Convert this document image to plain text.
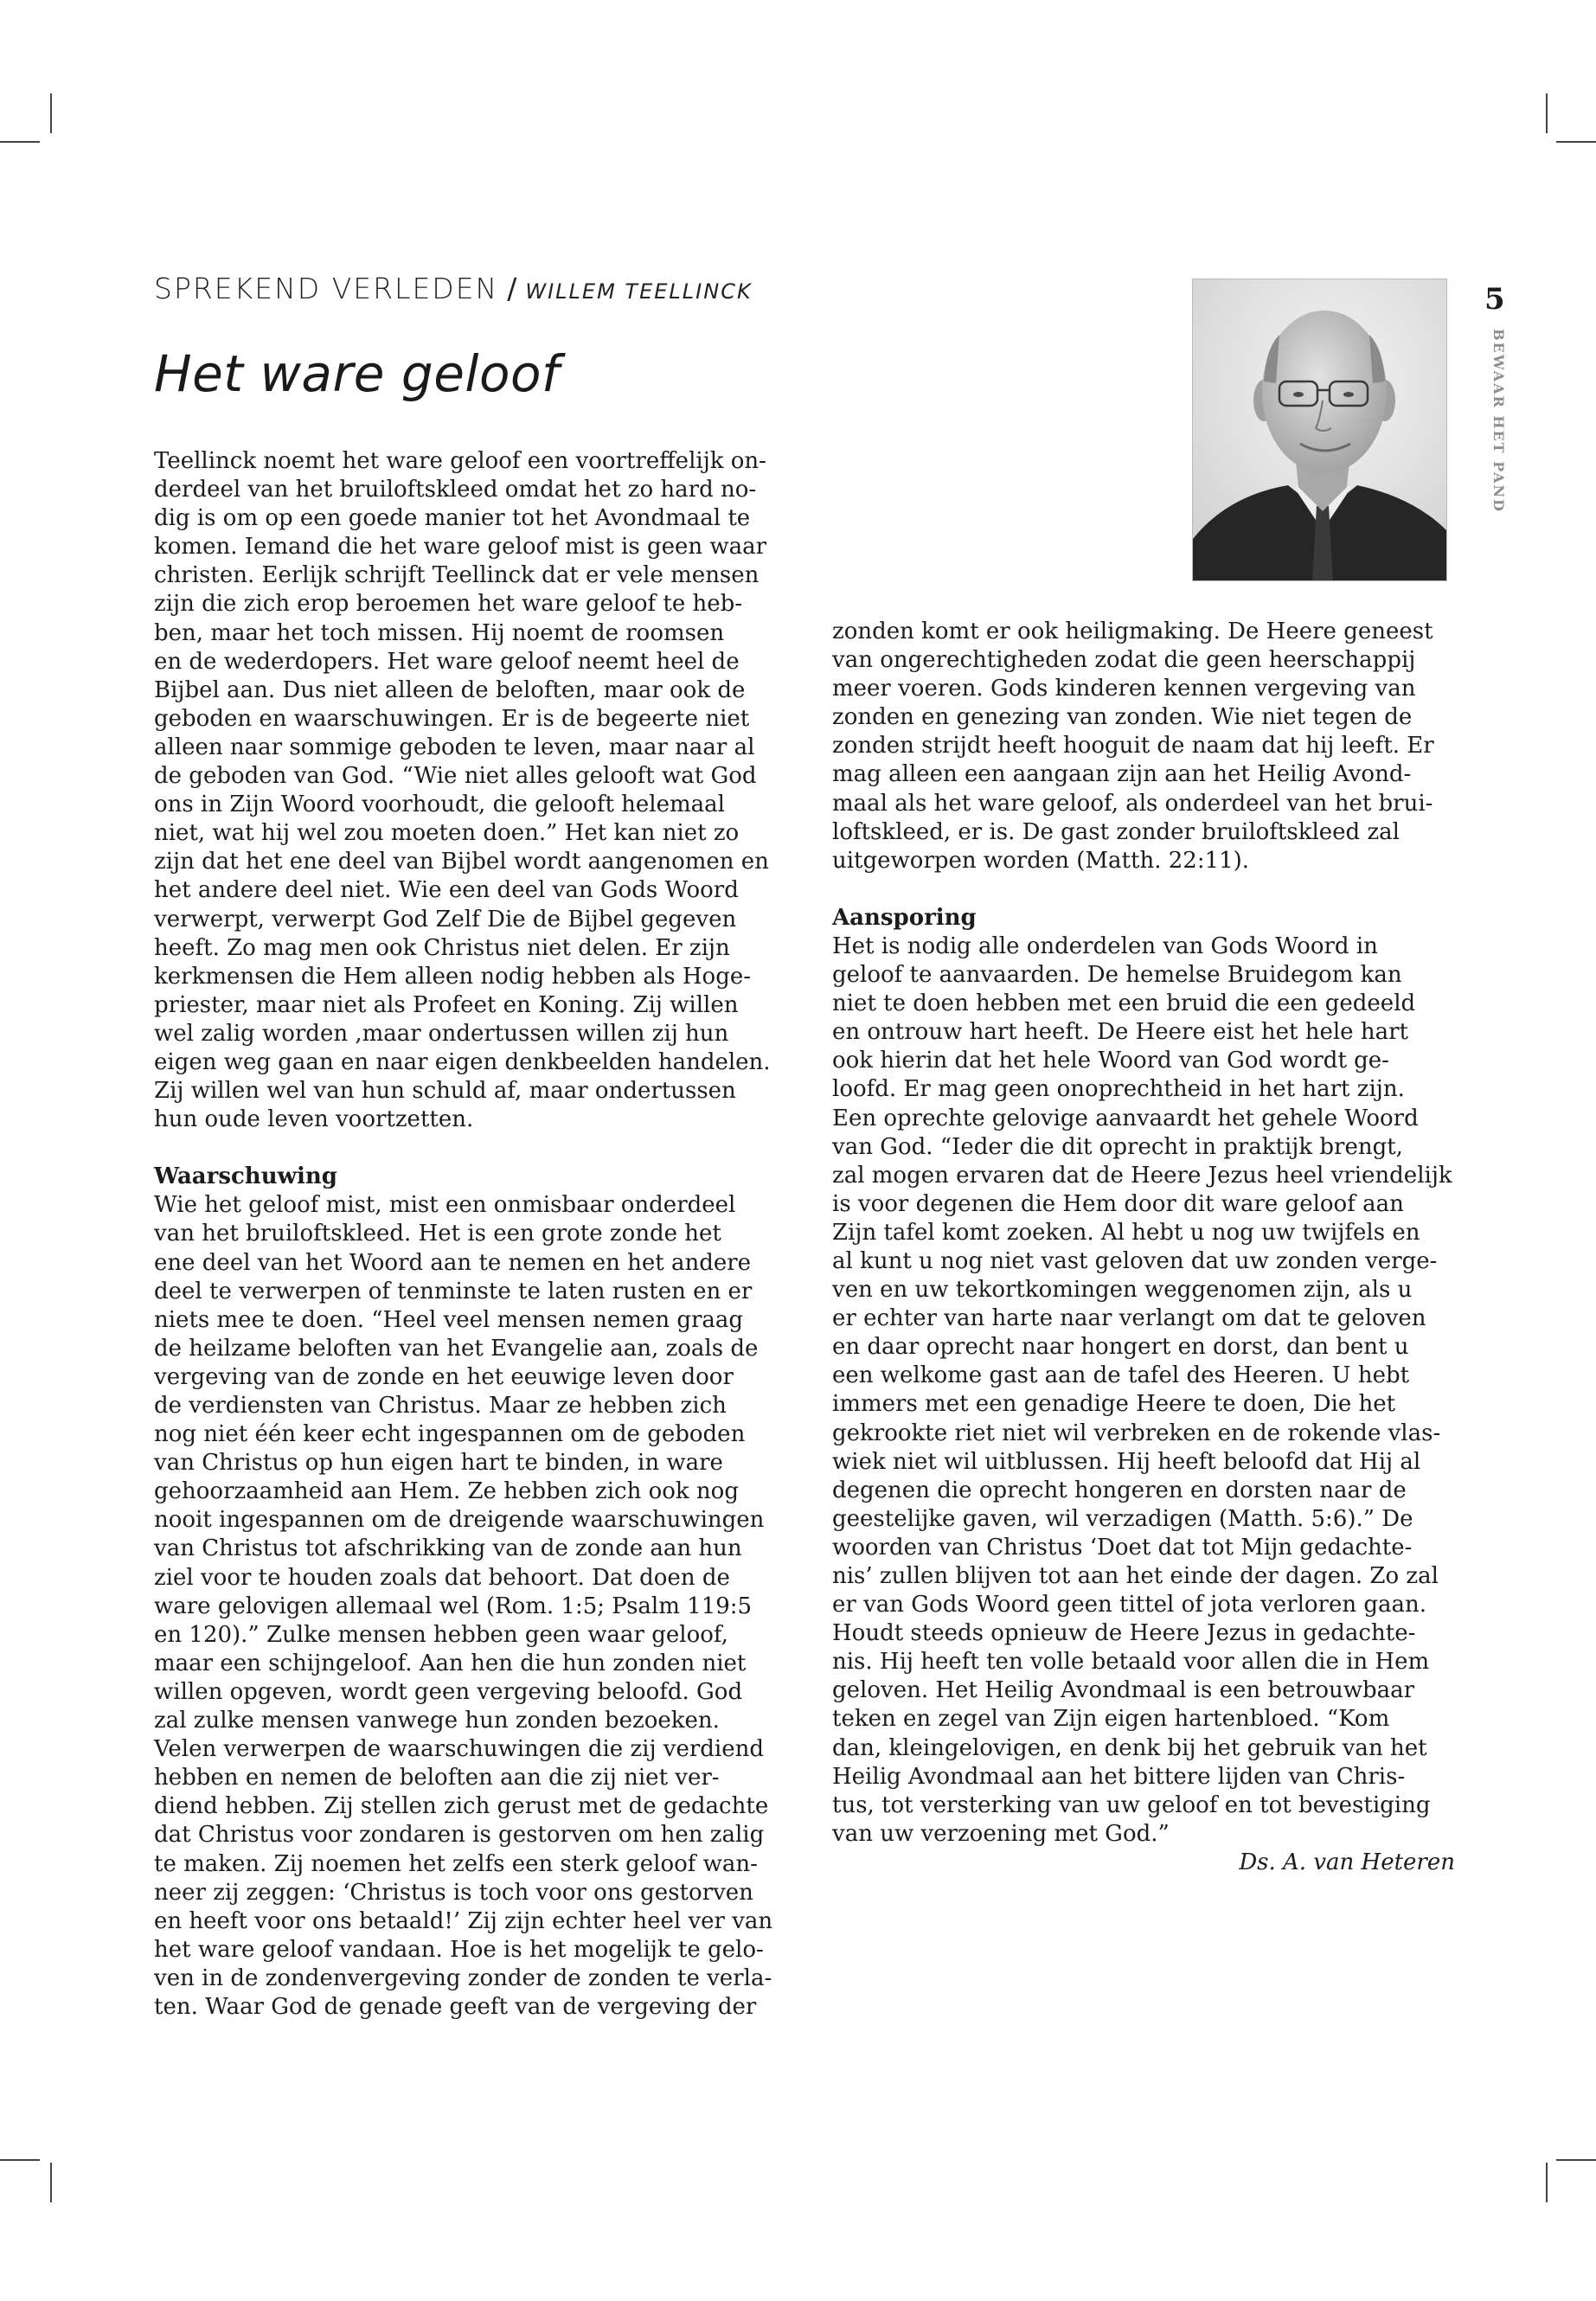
SPREKEND VERLEDEN / WILLEM TEELLINCK
Het ware geloof
5
BEWAAR HET PAND
Teellinck noemt het ware geloof een voortreffelijk on-
derdeel van het bruiloftskleed omdat het zo hard no-
dig is om op een goede manier tot het Avondmaal te
komen. Iemand die het ware geloof mist is geen waar
christen. Eerlijk schrijft Teellinck dat er vele mensen
zijn die zich erop beroemen het ware geloof te heb-
ben, maar het toch missen. Hij noemt de roomsen
en de wederdopers. Het ware geloof neemt heel de
Bijbel aan. Dus niet alleen de beloften, maar ook de
geboden en waarschuwingen. Er is de begeerte niet
alleen naar sommige geboden te leven, maar naar al
de geboden van God. “Wie niet alles gelooft wat God
ons in Zijn Woord voorhoudt, die gelooft helemaal
niet, wat hij wel zou moeten doen.” Het kan niet zo
zijn dat het ene deel van Bijbel wordt aangenomen en
het andere deel niet. Wie een deel van Gods Woord
verwerpt, verwerpt God Zelf Die de Bijbel gegeven
heeft. Zo mag men ook Christus niet delen. Er zijn
kerkmensen die Hem alleen nodig hebben als Hoge-
priester, maar niet als Profeet en Koning. Zij willen
wel zalig worden ,maar ondertussen willen zij hun
eigen weg gaan en naar eigen denkbeelden handelen.
Zij willen wel van hun schuld af, maar ondertussen
hun oude leven voortzetten.
Waarschuwing
Wie het geloof mist, mist een onmisbaar onderdeel
van het bruiloftskleed. Het is een grote zonde het
ene deel van het Woord aan te nemen en het andere
deel te verwerpen of tenminste te laten rusten en er
niets mee te doen. “Heel veel mensen nemen graag
de heilzame beloften van het Evangelie aan, zoals de
vergeving van de zonde en het eeuwige leven door
de verdiensten van Christus. Maar ze hebben zich
nog niet één keer echt ingespannen om de geboden
van Christus op hun eigen hart te binden, in ware
gehoorzaamheid aan Hem. Ze hebben zich ook nog
nooit ingespannen om de dreigende waarschuwingen
van Christus tot afschrikking van de zonde aan hun
ziel voor te houden zoals dat behoort. Dat doen de
ware gelovigen allemaal wel (Rom. 1:5; Psalm 119:5
en 120).” Zulke mensen hebben geen waar geloof,
maar een schijngeloof. Aan hen die hun zonden niet
willen opgeven, wordt geen vergeving beloofd. God
zal zulke mensen vanwege hun zonden bezoeken.
Velen verwerpen de waarschuwingen die zij verdiend
hebben en nemen de beloften aan die zij niet ver-
diend hebben. Zij stellen zich gerust met de gedachte
dat Christus voor zondaren is gestorven om hen zalig
te maken. Zij noemen het zelfs een sterk geloof wan-
neer zij zeggen: ‘Christus is toch voor ons gestorven
en heeft voor ons betaald!’ Zij zijn echter heel ver van
het ware geloof vandaan. Hoe is het mogelijk te gelo-
ven in de zondenvergeving zonder de zonden te verla-
ten. Waar God de genade geeft van de vergeving der
zonden komt er ook heiligmaking. De Heere geneest
van ongerechtigheden zodat die geen heerschappij
meer voeren. Gods kinderen kennen vergeving van
zonden en genezing van zonden. Wie niet tegen de
zonden strijdt heeft hooguit de naam dat hij leeft. Er
mag alleen een aangaan zijn aan het Heilig Avond-
maal als het ware geloof, als onderdeel van het brui-
loftskleed, er is. De gast zonder bruiloftskleed zal
uitgeworpen worden (Matth. 22:11).
Aansporing
Het is nodig alle onderdelen van Gods Woord in
geloof te aanvaarden. De hemelse Bruidegom kan
niet te doen hebben met een bruid die een gedeeld
en ontrouw hart heeft. De Heere eist het hele hart
ook hierin dat het hele Woord van God wordt ge-
loofd. Er mag geen onoprechtheid in het hart zijn.
Een oprechte gelovige aanvaardt het gehele Woord
van God. “Ieder die dit oprecht in praktijk brengt,
zal mogen ervaren dat de Heere Jezus heel vriendelijk
is voor degenen die Hem door dit ware geloof aan
Zijn tafel komt zoeken. Al hebt u nog uw twijfels en
al kunt u nog niet vast geloven dat uw zonden verge-
ven en uw tekortkomingen weggenomen zijn, als u
er echter van harte naar verlangt om dat te geloven
en daar oprecht naar hongert en dorst, dan bent u
een welkome gast aan de tafel des Heeren. U hebt
immers met een genadige Heere te doen, Die het
gekrookte riet niet wil verbreken en de rokende vlas-
wiek niet wil uitblussen. Hij heeft beloofd dat Hij al
degenen die oprecht hongeren en dorsten naar de
geestelijke gaven, wil verzadigen (Matth. 5:6).” De
woorden van Christus ‘Doet dat tot Mijn gedachte-
nis’ zullen blijven tot aan het einde der dagen. Zo zal
er van Gods Woord geen tittel of jota verloren gaan.
Houdt steeds opnieuw de Heere Jezus in gedachte-
nis. Hij heeft ten volle betaald voor allen die in Hem
geloven. Het Heilig Avondmaal is een betrouwbaar
teken en zegel van Zijn eigen hartenbloed. “Kom
dan, kleingelovigen, en denk bij het gebruik van het
Heilig Avondmaal aan het bittere lijden van Chris-
tus, tot versterking van uw geloof en tot bevestiging
van uw verzoening met God.”
Ds. A. van Heteren
